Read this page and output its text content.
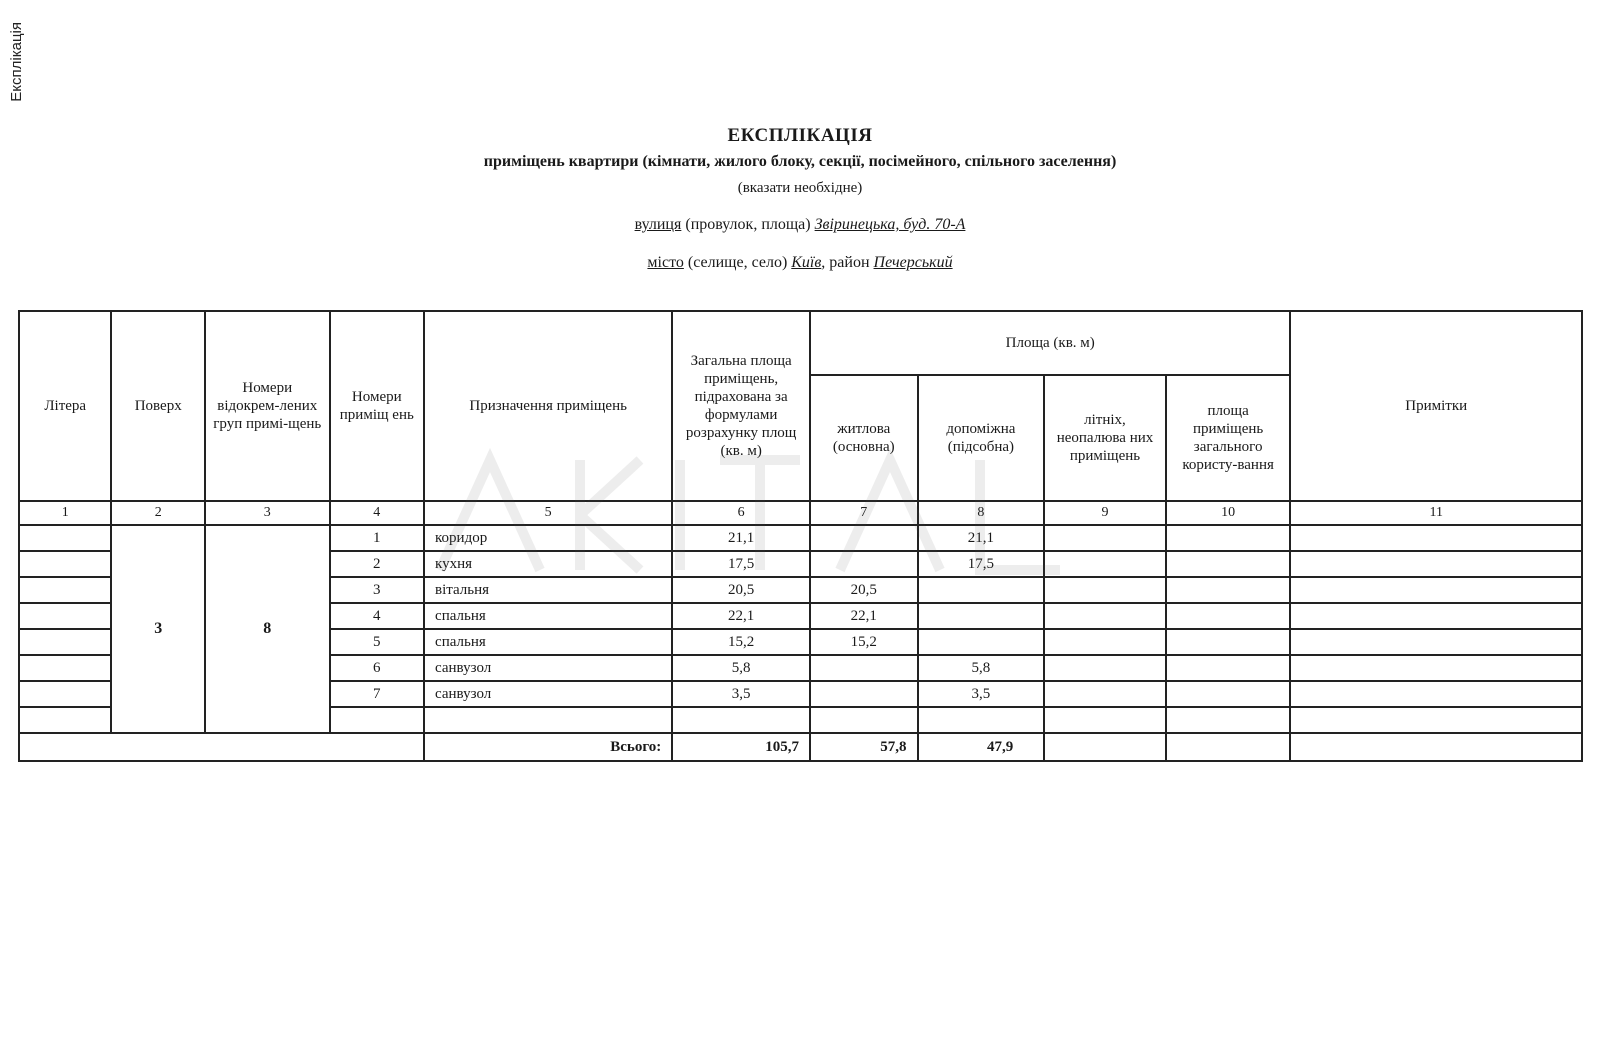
Експлікація
ЕКСПЛІКАЦІЯ
приміщень квартири (кімнати, жилого блоку, секції, посімейного, спільного заселення)
(вказати необхідне)
вулиця (провулок, площа) Звіринецька, буд. 70-А
місто (селище, село) Київ, район Печерський
Літера	Поверх	Номери відокрем-лених груп примі-щень	Номери приміщ ень	Призначення приміщень	Загальна площа приміщень, підрахована за формулами розрахунку площ (кв. м)	Площа (кв. м)				Примітки
						житлова (основна)	допоміжна (підсобна)	літніх, неопалюва них приміщень	площа приміщень загального користу-вання	
1	2	3	4	5	6	7	8	9	10	11
	3	8	1	коридор	21,1		21,1			
			2	кухня	17,5		17,5			
			3	вітальня	20,5	20,5				
			4	спальня	22,1	22,1				
			5	спальня	15,2	15,2				
			6	санвузол	5,8		5,8			
			7	санвузол	3,5		3,5			

				Всього:	105,7	57,8	47,9			
